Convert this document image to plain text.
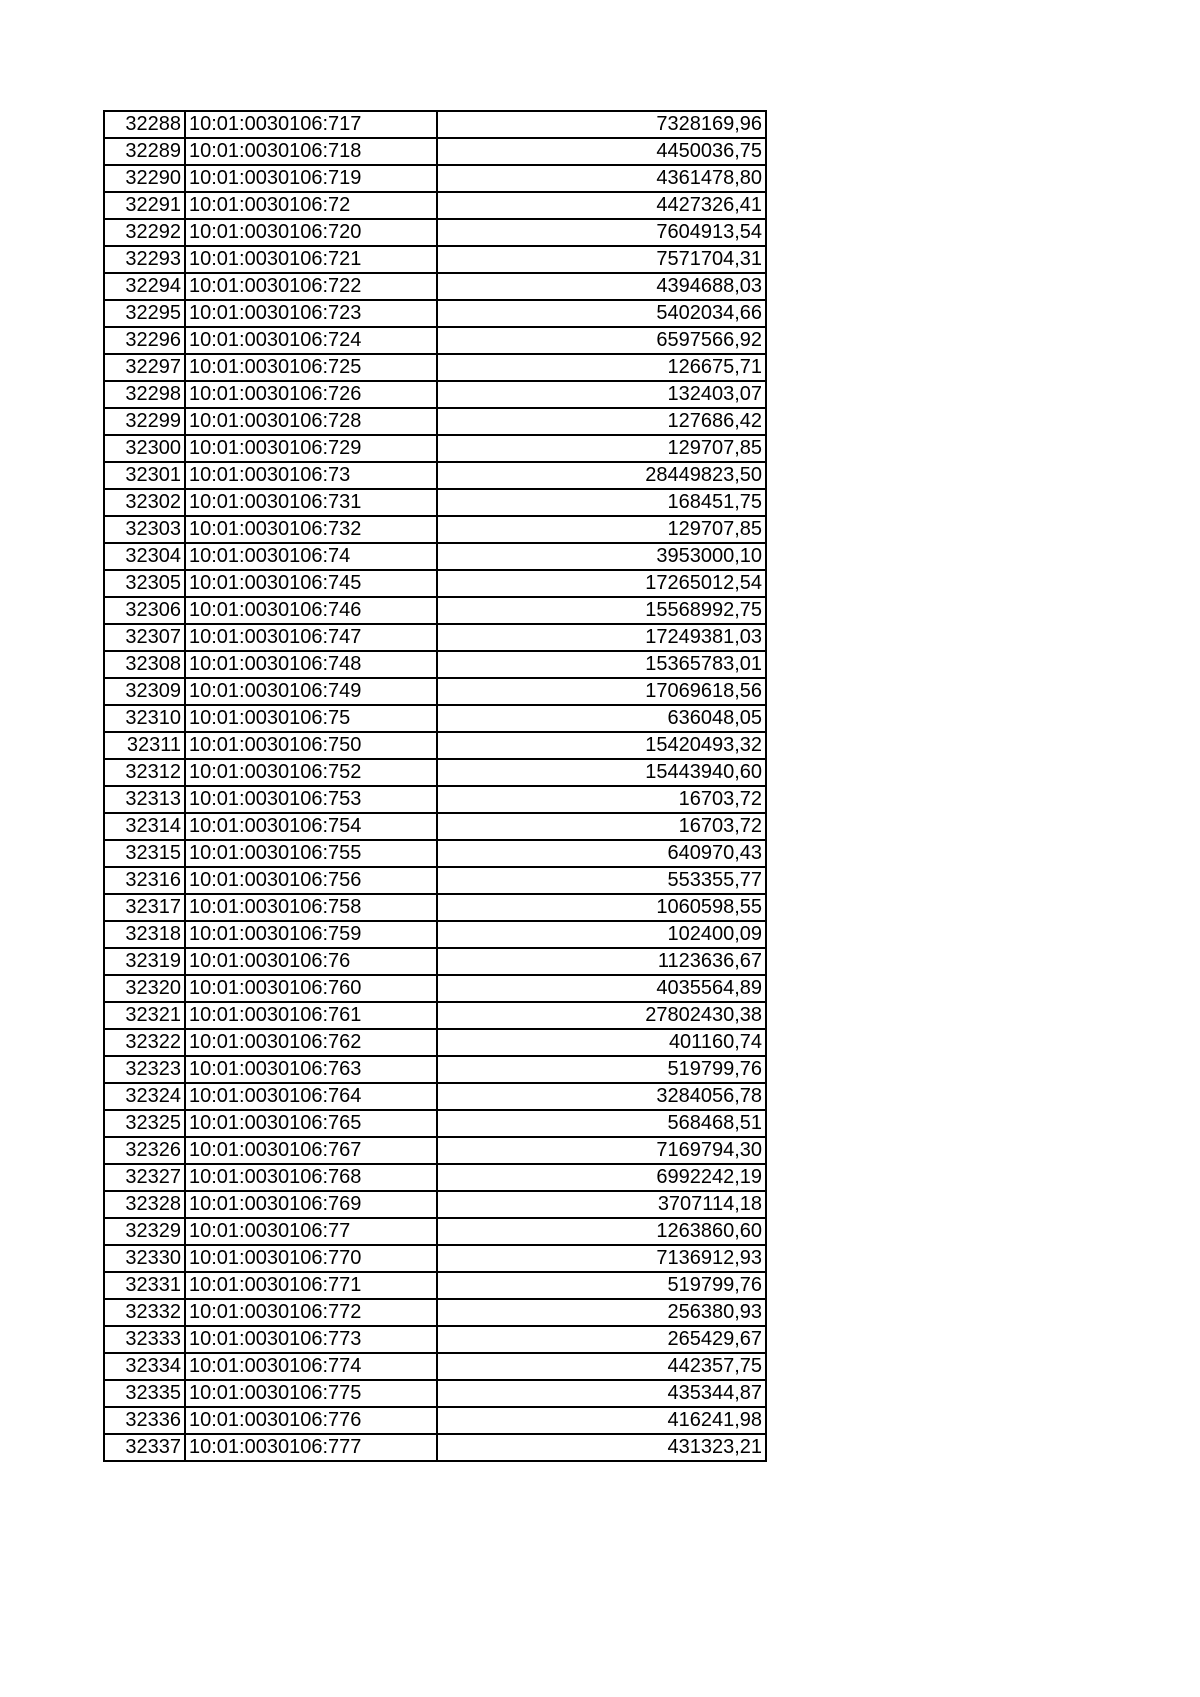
32288	10:01:0030106:717	7328169,96
32289	10:01:0030106:718	4450036,75
32290	10:01:0030106:719	4361478,80
32291	10:01:0030106:72	4427326,41
32292	10:01:0030106:720	7604913,54
32293	10:01:0030106:721	7571704,31
32294	10:01:0030106:722	4394688,03
32295	10:01:0030106:723	5402034,66
32296	10:01:0030106:724	6597566,92
32297	10:01:0030106:725	126675,71
32298	10:01:0030106:726	132403,07
32299	10:01:0030106:728	127686,42
32300	10:01:0030106:729	129707,85
32301	10:01:0030106:73	28449823,50
32302	10:01:0030106:731	168451,75
32303	10:01:0030106:732	129707,85
32304	10:01:0030106:74	3953000,10
32305	10:01:0030106:745	17265012,54
32306	10:01:0030106:746	15568992,75
32307	10:01:0030106:747	17249381,03
32308	10:01:0030106:748	15365783,01
32309	10:01:0030106:749	17069618,56
32310	10:01:0030106:75	636048,05
32311	10:01:0030106:750	15420493,32
32312	10:01:0030106:752	15443940,60
32313	10:01:0030106:753	16703,72
32314	10:01:0030106:754	16703,72
32315	10:01:0030106:755	640970,43
32316	10:01:0030106:756	553355,77
32317	10:01:0030106:758	1060598,55
32318	10:01:0030106:759	102400,09
32319	10:01:0030106:76	1123636,67
32320	10:01:0030106:760	4035564,89
32321	10:01:0030106:761	27802430,38
32322	10:01:0030106:762	401160,74
32323	10:01:0030106:763	519799,76
32324	10:01:0030106:764	3284056,78
32325	10:01:0030106:765	568468,51
32326	10:01:0030106:767	7169794,30
32327	10:01:0030106:768	6992242,19
32328	10:01:0030106:769	3707114,18
32329	10:01:0030106:77	1263860,60
32330	10:01:0030106:770	7136912,93
32331	10:01:0030106:771	519799,76
32332	10:01:0030106:772	256380,93
32333	10:01:0030106:773	265429,67
32334	10:01:0030106:774	442357,75
32335	10:01:0030106:775	435344,87
32336	10:01:0030106:776	416241,98
32337	10:01:0030106:777	431323,21
